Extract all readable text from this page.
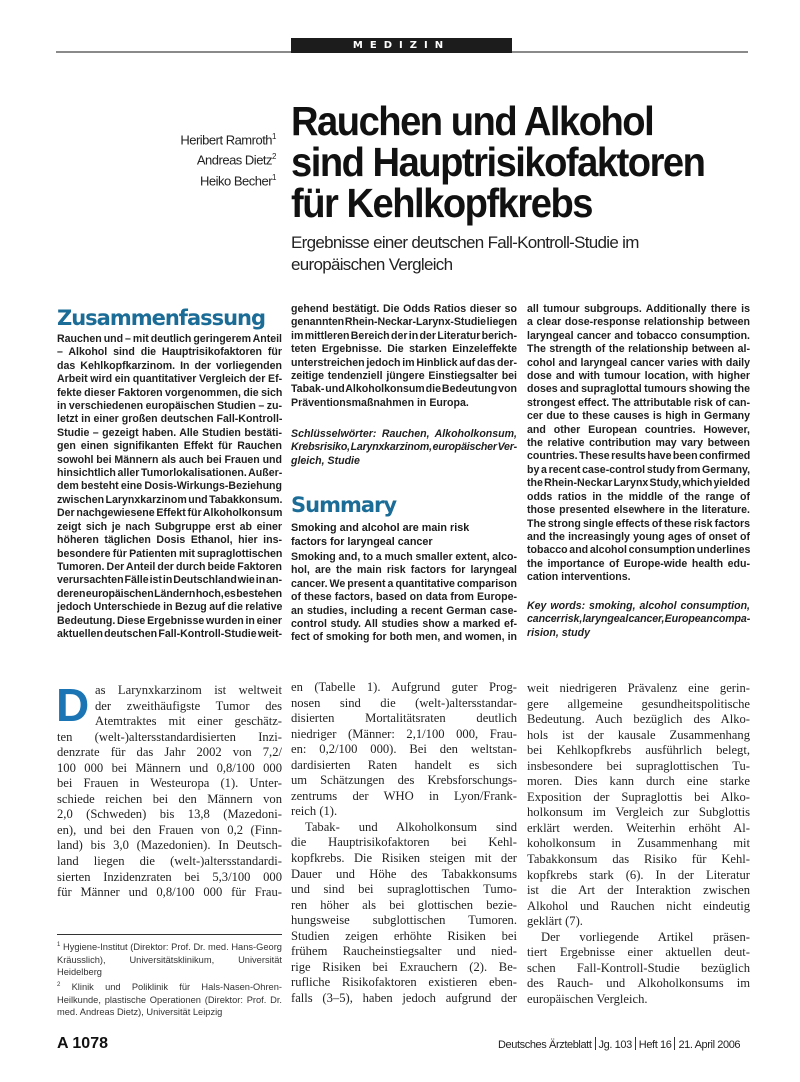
MEDIZIN
Heribert Ramroth$^1$
Andreas Dietz$^2$
Heiko Becher$^1$
Rauchen und Alkohol
sind Hauptrisikofaktoren
für Kehlkopfkrebs
Ergebnisse einer deutschen Fall-Kontroll-Studie im
europäischen Vergleich
Zusammenfassung
Rauchen und – mit deutlich geringerem Anteil
– Alkohol sind die Hauptrisikofaktoren für
das Kehlkopfkarzinom. In der vorliegenden
Arbeit wird ein quantitativer Vergleich der Ef-
fekte dieser Faktoren vorgenommen, die sich
in verschiedenen europäischen Studien – zu-
letzt in einer großen deutschen Fall-Kontroll-
Studie – gezeigt haben. Alle Studien bestäti-
gen einen signifikanten Effekt für Rauchen
sowohl bei Männern als auch bei Frauen und
hinsichtlich aller Tumorlokalisationen. Außer-
dem besteht eine Dosis-Wirkungs-Beziehung
zwischen Larynxkarzinom und Tabakkonsum.
Der nachgewiesene Effekt für Alkoholkonsum
zeigt sich je nach Subgruppe erst ab einer
höheren täglichen Dosis Ethanol, hier ins-
besondere für Patienten mit supraglottischen
Tumoren. Der Anteil der durch beide Faktoren
verursachten Fälle ist in Deutschland wie in an-
deren europäischen Ländern hoch, es bestehen
jedoch Unterschiede in Bezug auf die relative
Bedeutung. Diese Ergebnisse wurden in einer
aktuellen deutschen Fall-Kontroll-Studie weit-
gehend bestätigt. Die Odds Ratios dieser so
genannten Rhein-Neckar-Larynx-Studie liegen
im mittleren Bereich der in der Literatur berich-
teten Ergebnisse. Die starken Einzeleffekte
unterstreichen jedoch im Hinblick auf das der-
zeitige tendenziell jüngere Einstiegsalter bei
Tabak- und Alkoholkonsum die Bedeutung von
Präventionsmaßnahmen in Europa.
Schlüsselwörter: Rauchen, Alkoholkonsum,
Krebsrisiko, Larynxkarzinom, europäischer Ver-
gleich, Studie
Summary
Smoking and alcohol are main risk
factors for laryngeal cancer
Smoking and, to a much smaller extent, alco-
hol, are the main risk factors for laryngeal
cancer. We present a quantitative comparison
of these factors, based on data from Europe-
an studies, including a recent German case-
control study. All studies show a marked ef-
fect of smoking for both men, and women, in
all tumour subgroups. Additionally there is
a clear dose-response relationship between
laryngeal cancer and tobacco consumption.
The strength of the relationship between al-
cohol and laryngeal cancer varies with daily
dose and with tumour location, with higher
doses and supraglottal tumours showing the
strongest effect. The attributable risk of can-
cer due to these causes is high in Germany
and other European countries. However,
the relative contribution may vary between
countries. These results have been confirmed
by a recent case-control study from Germany,
the Rhein-Neckar Larynx Study, which yielded
odds ratios in the middle of the range of
those presented elsewhere in the literature.
The strong single effects of these risk factors
and the increasingly young ages of onset of
tobacco and alcohol consumption underlines
the importance of Europe-wide health edu-
cation interventions.
Key words: smoking, alcohol consumption,
cancer risk, laryngeal cancer, European compa-
rision, study
D as Larynxkarzinom ist weltweit
der zweithäufigste Tumor des
Atemtraktes mit einer geschätz-
ten (welt-)altersstandardisierten Inzi-
denzrate für das Jahr 2002 von 7,2/
100 000 bei Männern und 0,8/100 000
bei Frauen in Westeuropa (1). Unter-
schiede reichen bei den Männern von
2,0 (Schweden) bis 13,8 (Mazedoni-
en), und bei den Frauen von 0,2 (Finn-
land) bis 3,0 (Mazedonien). In Deutsch-
land liegen die (welt-)altersstandardi-
sierten Inzidenzraten bei 5,3/100 000
für Männer und 0,8/100 000 für Frau-
en (Tabelle 1). Aufgrund guter Prog-
nosen sind die (welt-)altersstandar-
disierten Mortalitätsraten deutlich
niedriger (Männer: 2,1/100 000, Frau-
en: 0,2/100 000). Bei den weltstan-
dardisierten Raten handelt es sich
um Schätzungen des Krebsforschungs-
zentrums der WHO in Lyon/Frank-
reich (1).
Tabak- und Alkoholkonsum sind
die Hauptrisikofaktoren bei Kehl-
kopfkrebs. Die Risiken steigen mit der
Dauer und Höhe des Tabakkonsums
und sind bei supraglottischen Tumo-
ren höher als bei glottischen bezie-
hungsweise subglottischen Tumoren.
Studien zeigen erhöhte Risiken bei
frühem Raucheinstiegsalter und nied-
rige Risiken bei Exrauchern (2). Be-
rufliche Risikofaktoren existieren eben-
falls (3–5), haben jedoch aufgrund der
weit niedrigeren Prävalenz eine gerin-
gere allgemeine gesundheitspolitische
Bedeutung. Auch bezüglich des Alko-
hols ist der kausale Zusammenhang
bei Kehlkopfkrebs ausführlich belegt,
insbesondere bei supraglottischen Tu-
moren. Dies kann durch eine starke
Exposition der Supraglottis bei Alko-
holkonsum im Vergleich zur Subglottis
erklärt werden. Weiterhin erhöht Al-
koholkonsum in Zusammenhang mit
Tabakkonsum das Risiko für Kehl-
kopfkrebs stark (6). In der Literatur
ist die Art der Interaktion zwischen
Alkohol und Rauchen nicht eindeutig
geklärt (7).
Der vorliegende Artikel präsen-
tiert Ergebnisse einer aktuellen deut-
schen Fall-Kontroll-Studie bezüglich
des Rauch- und Alkoholkonsums im
europäischen Vergleich.
$^1$ Hygiene-Institut (Direktor: Prof. Dr. med. Hans-Georg Kräusslich), Universitätsklinikum, Universität Heidelberg
$^2$ Klinik und Poliklinik für Hals-Nasen-Ohren-Heilkunde, plastische Operationen (Direktor: Prof. Dr. med. Andreas Dietz), Universität Leipzig
A 1078	Deutsches Ärzteblatt Jg. 103 Heft 16 21. April 2006
